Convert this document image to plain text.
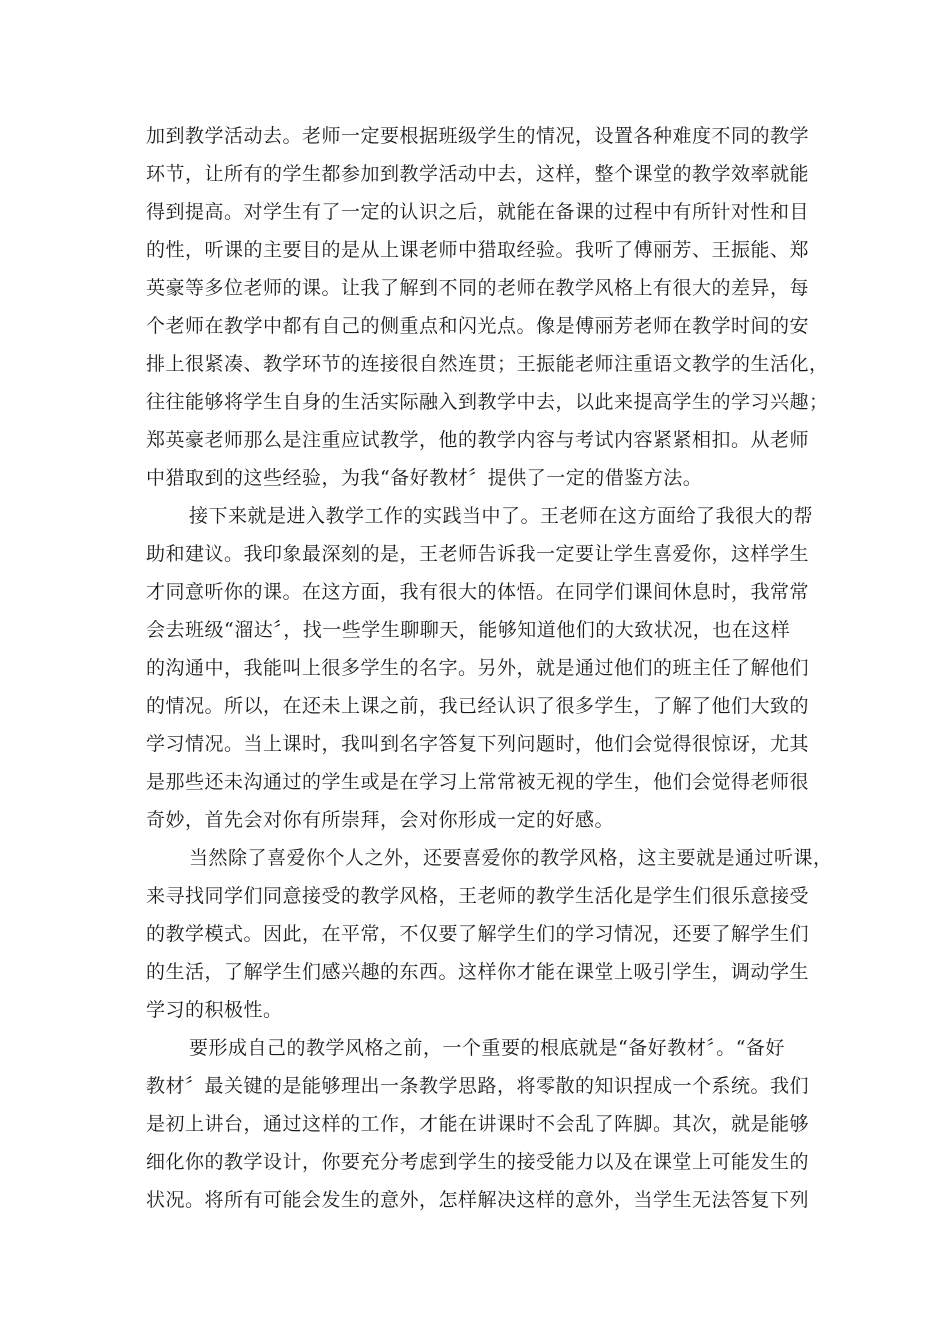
加到教学活动去。老师一定要根据班级学生的情况，设置各种难度不同的教学
环节，让所有的学生都参加到教学活动中去，这样，整个课堂的教学效率就能
得到提高。对学生有了一定的认识之后，就能在备课的过程中有所针对性和目
的性，听课的主要目的是从上课老师中猎取经验。我听了傅丽芳、王振能、郑
英豪等多位老师的课。让我了解到不同的老师在教学风格上有很大的差异，每
个老师在教学中都有自己的侧重点和闪光点。像是傅丽芳老师在教学时间的安
排上很紧凑、教学环节的连接很自然连贯；王振能老师注重语文教学的生活化，
往往能够将学生自身的生活实际融入到教学中去，以此来提高学生的学习兴趣；
郑英豪老师那么是注重应试教学，他的教学内容与考试内容紧紧相扣。从老师
中猎取到的这些经验，为我“备好教材〞提供了一定的借鉴方法。
接下来就是进入教学工作的实践当中了。王老师在这方面给了我很大的帮
助和建议。我印象最深刻的是，王老师告诉我一定要让学生喜爱你，这样学生
才同意听你的课。在这方面，我有很大的体悟。在同学们课间休息时，我常常
会去班级“溜达〞，找一些学生聊聊天，能够知道他们的大致状况，也在这样
的沟通中，我能叫上很多学生的名字。另外，就是通过他们的班主任了解他们
的情况。所以，在还未上课之前，我已经认识了很多学生，了解了他们大致的
学习情况。当上课时，我叫到名字答复下列问题时，他们会觉得很惊讶，尤其
是那些还未沟通过的学生或是在学习上常常被无视的学生，他们会觉得老师很
奇妙，首先会对你有所崇拜，会对你形成一定的好感。
当然除了喜爱你个人之外，还要喜爱你的教学风格，这主要就是通过听课，
来寻找同学们同意接受的教学风格，王老师的教学生活化是学生们很乐意接受
的教学模式。因此，在平常，不仅要了解学生们的学习情况，还要了解学生们
的生活，了解学生们感兴趣的东西。这样你才能在课堂上吸引学生，调动学生
学习的积极性。
要形成自己的教学风格之前，一个重要的根底就是“备好教材〞。“备好
教材〞最关键的是能够理出一条教学思路，将零散的知识捏成一个系统。我们
是初上讲台，通过这样的工作，才能在讲课时不会乱了阵脚。其次，就是能够
细化你的教学设计，你要充分考虑到学生的接受能力以及在课堂上可能发生的
状况。将所有可能会发生的意外，怎样解决这样的意外，当学生无法答复下列
